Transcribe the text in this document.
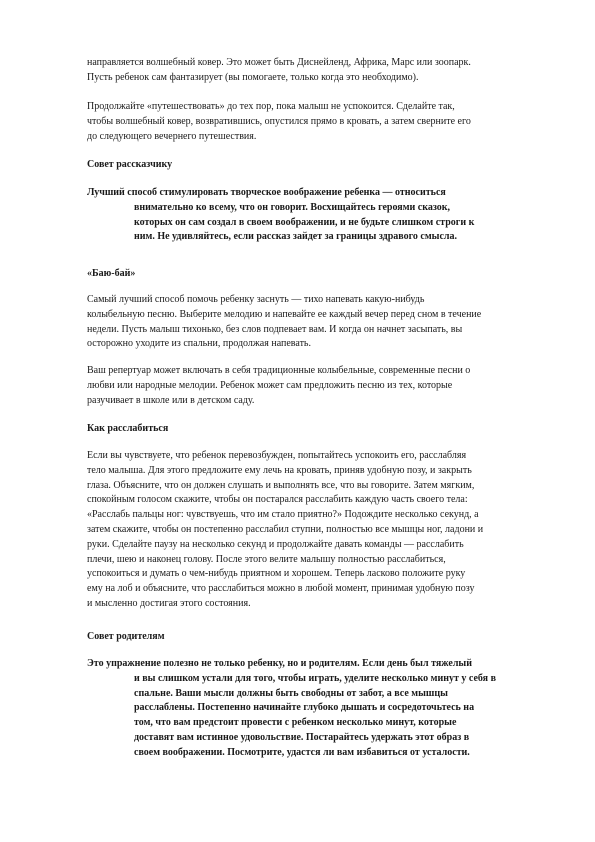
направляется волшебный ковер. Это может быть Диснейленд, Африка, Марс или зоопарк.
Пусть ребенок сам фантазирует (вы помогаете, только когда это необходимо).
Продолжайте «путешествовать» до тех пор, пока малыш не успокоится. Сделайте так,
чтобы волшебный ковер, возвратившись, опустился прямо в кровать, а затем сверните его
до следующего вечернего путешествия.
Совет рассказчику
Лучший способ стимулировать творческое воображение ребенка — относиться
внимательно ко всему, что он говорит. Восхищайтесь героями сказок,
которых он сам создал в своем воображении, и не будьте слишком строги к
ним. Не удивляйтесь, если рассказ зайдет за границы здравого смысла.
«Баю-бай»
Самый лучший способ помочь ребенку заснуть — тихо напевать какую-нибудь
колыбельную песню. Выберите мелодию и напевайте ее каждый вечер перед сном в течение
недели. Пусть малыш тихонько, без слов подпевает вам. И когда он начнет засыпать, вы
осторожно уходите из спальни, продолжая напевать.
Ваш репертуар может включать в себя традиционные колыбельные, современные песни о
любви или народные мелодии. Ребенок может сам предложить песню из тех, которые
разучивает в школе или в детском саду.
Как расслабиться
Если вы чувствуете, что ребенок перевозбужден, попытайтесь успокоить его, расслабляя
тело малыша. Для этого предложите ему лечь на кровать, приняв удобную позу, и закрыть
глаза. Объясните, что он должен слушать и выполнять все, что вы говорите. Затем мягким,
спокойным голосом скажите, чтобы он постарался расслабить каждую часть своего тела:
«Расслабь пальцы ног: чувствуешь, что им стало приятно?» Подождите несколько секунд, а
затем скажите, чтобы он постепенно расслабил ступни, полностью все мышцы ног, ладони и
руки. Сделайте паузу на несколько секунд и продолжайте давать команды — расслабить
плечи, шею и наконец голову. После этого велите малышу полностью расслабиться,
успокоиться и думать о чем-нибудь приятном и хорошем. Теперь ласково положите руку
ему на лоб и объясните, что расслабиться можно в любой момент, принимая удобную позу
и мысленно достигая этого состояния.
Совет родителям
Это упражнение полезно не только ребенку, но и родителям. Если день был тяжелый
и вы слишком устали для того, чтобы играть, уделите несколько минут у себя в
спальне. Ваши мысли должны быть свободны от забот, а все мышцы
расслаблены. Постепенно начинайте глубоко дышать и сосредоточьтесь на
том, что вам предстоит провести с ребенком несколько минут, которые
доставят вам истинное удовольствие. Постарайтесь удержать этот образ в
своем воображении. Посмотрите, удастся ли вам избавиться от усталости.
